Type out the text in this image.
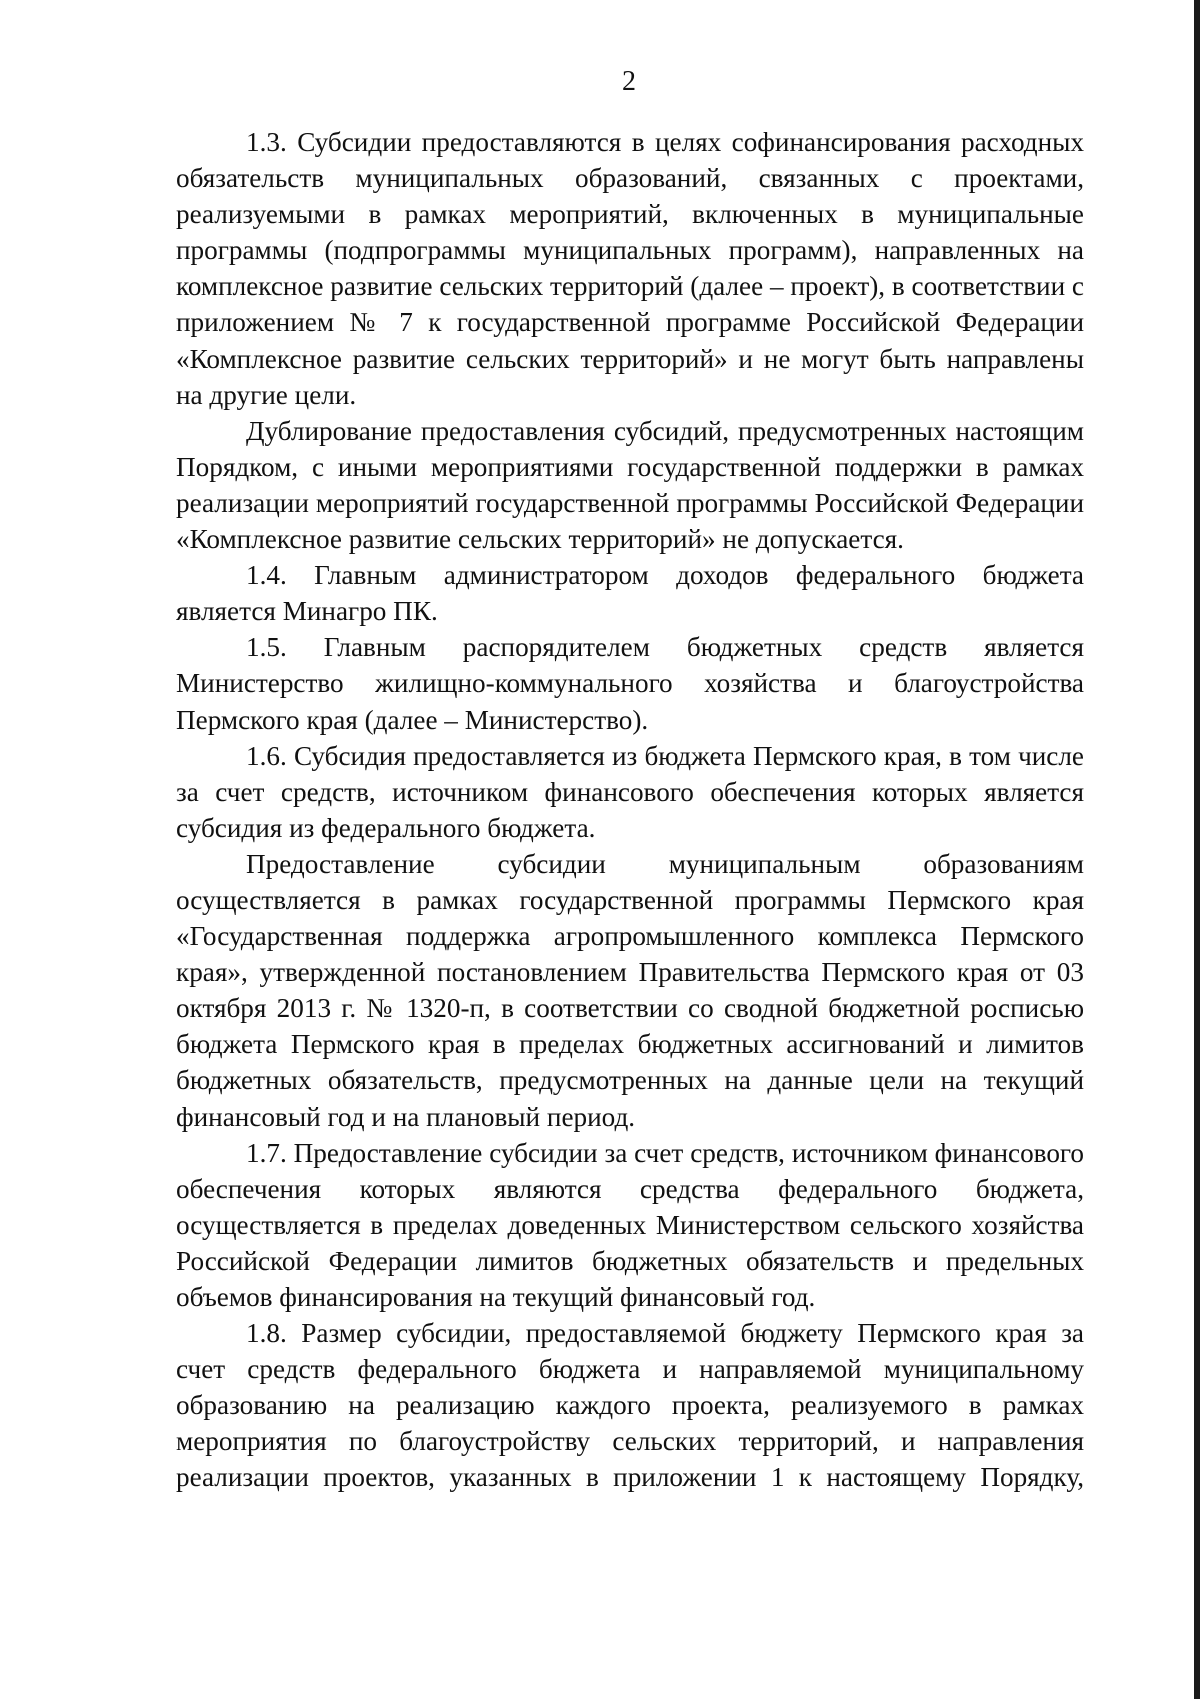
2

1.3. Субсидии предоставляются в целях софинансирования расходных обязательств муниципальных образований, связанных с проектами, реализуемыми в рамках мероприятий, включенных в муниципальные программы (подпрограммы муниципальных программ), направленных на комплексное развитие сельских территорий (далее – проект), в соответствии с приложением № 7 к государственной программе Российской Федерации «Комплексное развитие сельских территорий» и не могут быть направлены на другие цели.

Дублирование предоставления субсидий, предусмотренных настоящим Порядком, с иными мероприятиями государственной поддержки в рамках реализации мероприятий государственной программы Российской Федерации «Комплексное развитие сельских территорий» не допускается.

1.4. Главным администратором доходов федерального бюджета является Минагро ПК.

1.5. Главным распорядителем бюджетных средств является Министерство жилищно-коммунального хозяйства и благоустройства Пермского края (далее – Министерство).

1.6. Субсидия предоставляется из бюджета Пермского края, в том числе за счет средств, источником финансового обеспечения которых является субсидия из федерального бюджета.

Предоставление субсидии муниципальным образованиям осуществляется в рамках государственной программы Пермского края «Государственная поддержка агропромышленного комплекса Пермского края», утвержденной постановлением Правительства Пермского края от 03 октября 2013 г. № 1320-п, в соответствии со сводной бюджетной росписью бюджета Пермского края в пределах бюджетных ассигнований и лимитов бюджетных обязательств, предусмотренных на данные цели на текущий финансовый год и на плановый период.

1.7. Предоставление субсидии за счет средств, источником финансового обеспечения которых являются средства федерального бюджета, осуществляется в пределах доведенных Министерством сельского хозяйства Российской Федерации лимитов бюджетных обязательств и предельных объемов финансирования на текущий финансовый год.

1.8. Размер субсидии, предоставляемой бюджету Пермского края за счет средств федерального бюджета и направляемой муниципальному образованию на реализацию каждого проекта, реализуемого в рамках мероприятия по благоустройству сельских территорий, и направления реализации проектов, указанных в приложении 1 к настоящему Порядку,
